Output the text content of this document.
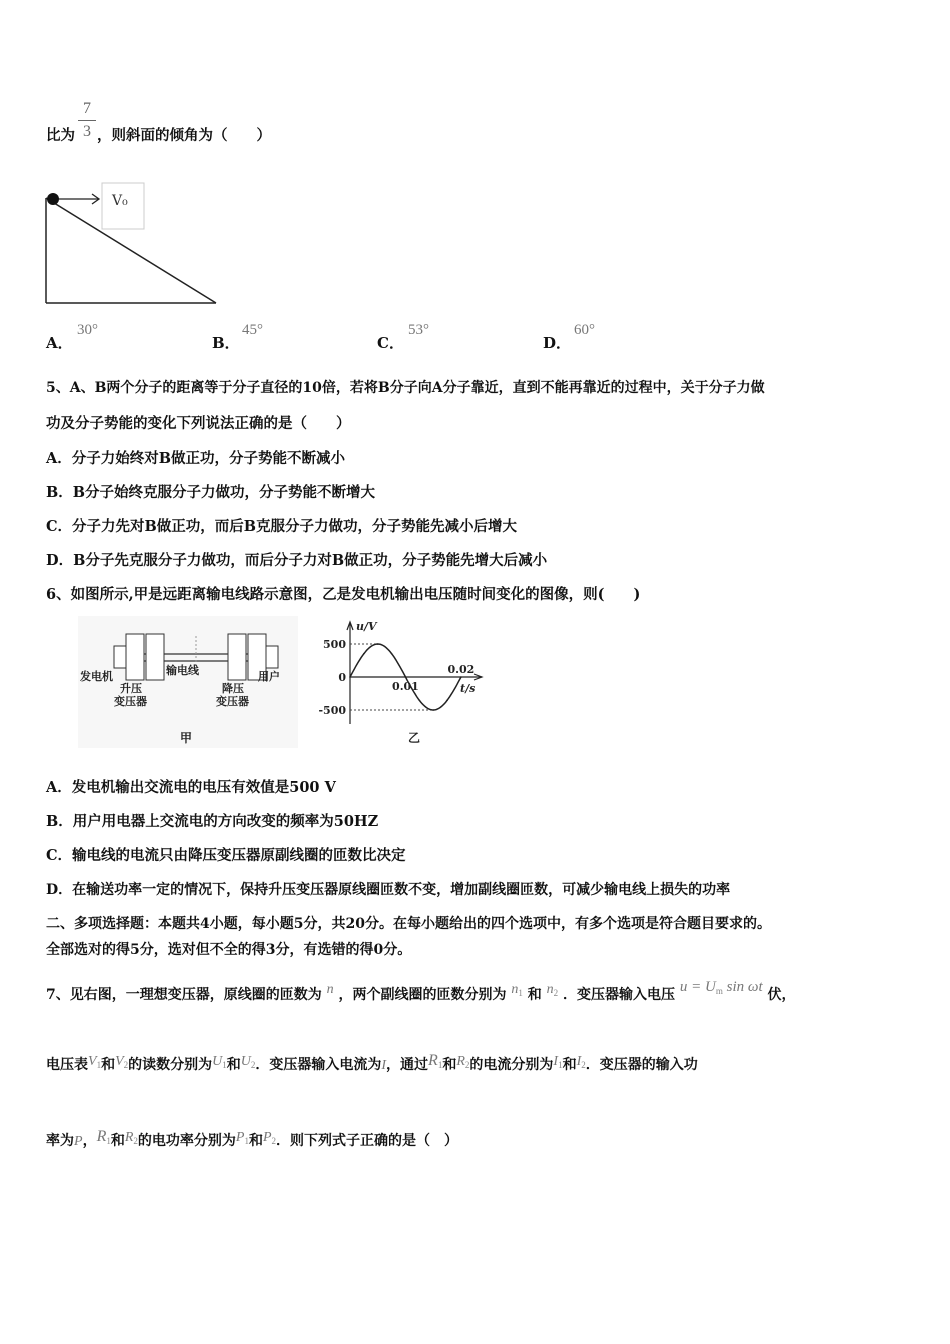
比为 ，则斜面的倾角为（　　）
7
3
V₀
A．
30°
B．
45°
C．
53°
D．
60°
5、A、B两个分子的距离等于分子直径的10倍，若将B分子向A分子靠近，直到不能再靠近的过程中，关于分子力做
功及分子势能的变化下列说法正确的是（　　）
A．分子力始终对B做正功，分子势能不断减小
B．B分子始终克服分子力做功，分子势能不断增大
C．分子力先对B做正功，而后B克服分子力做功，分子势能先减小后增大
D．B分子先克服分子力做功，而后分子力对B做正功，分子势能先增大后减小
6、如图所示,甲是远距离输电线路示意图，乙是发电机输出电压随时间变化的图像，则(　　)
发电机
升压
变压器
输电线
降压
变压器
用户
甲
u/V
t/s
500
0
-500
0.01
0.02
乙
A．发电机输出交流电的电压有效值是500 V
B．用户用电器上交流电的方向改变的频率为50HZ
C．输电线的电流只由降压变压器原副线圈的匝数比决定
D．在输送功率一定的情况下，保持升压变压器原线圈匝数不变，增加副线圈匝数，可减少输电线上损失的功率
二、多项选择题：本题共4小题，每小题5分，共20分。在每小题给出的四个选项中，有多个选项是符合题目要求的。
全部选对的得5分，选对但不全的得3分，有选错的得0分。
7、见右图，一理想变压器，原线圈的匝数为 n ，两个副线圈的匝数分别为 $n_1$ 和 $n_2$ ．变压器输入电压 $u = U_m$ sin ωt 伏，
电压表$V_1$和$V_2$的读数分别为$U_1$和$U_2$．变压器输入电流为I，通过$R_1$和$R_2$的电流分别为$I_1$和$I_2$．变压器的输入功
率为P，$R_1$和$R_2$的电功率分别为$P_1$和$P_2$．则下列式子正确的是（　）
